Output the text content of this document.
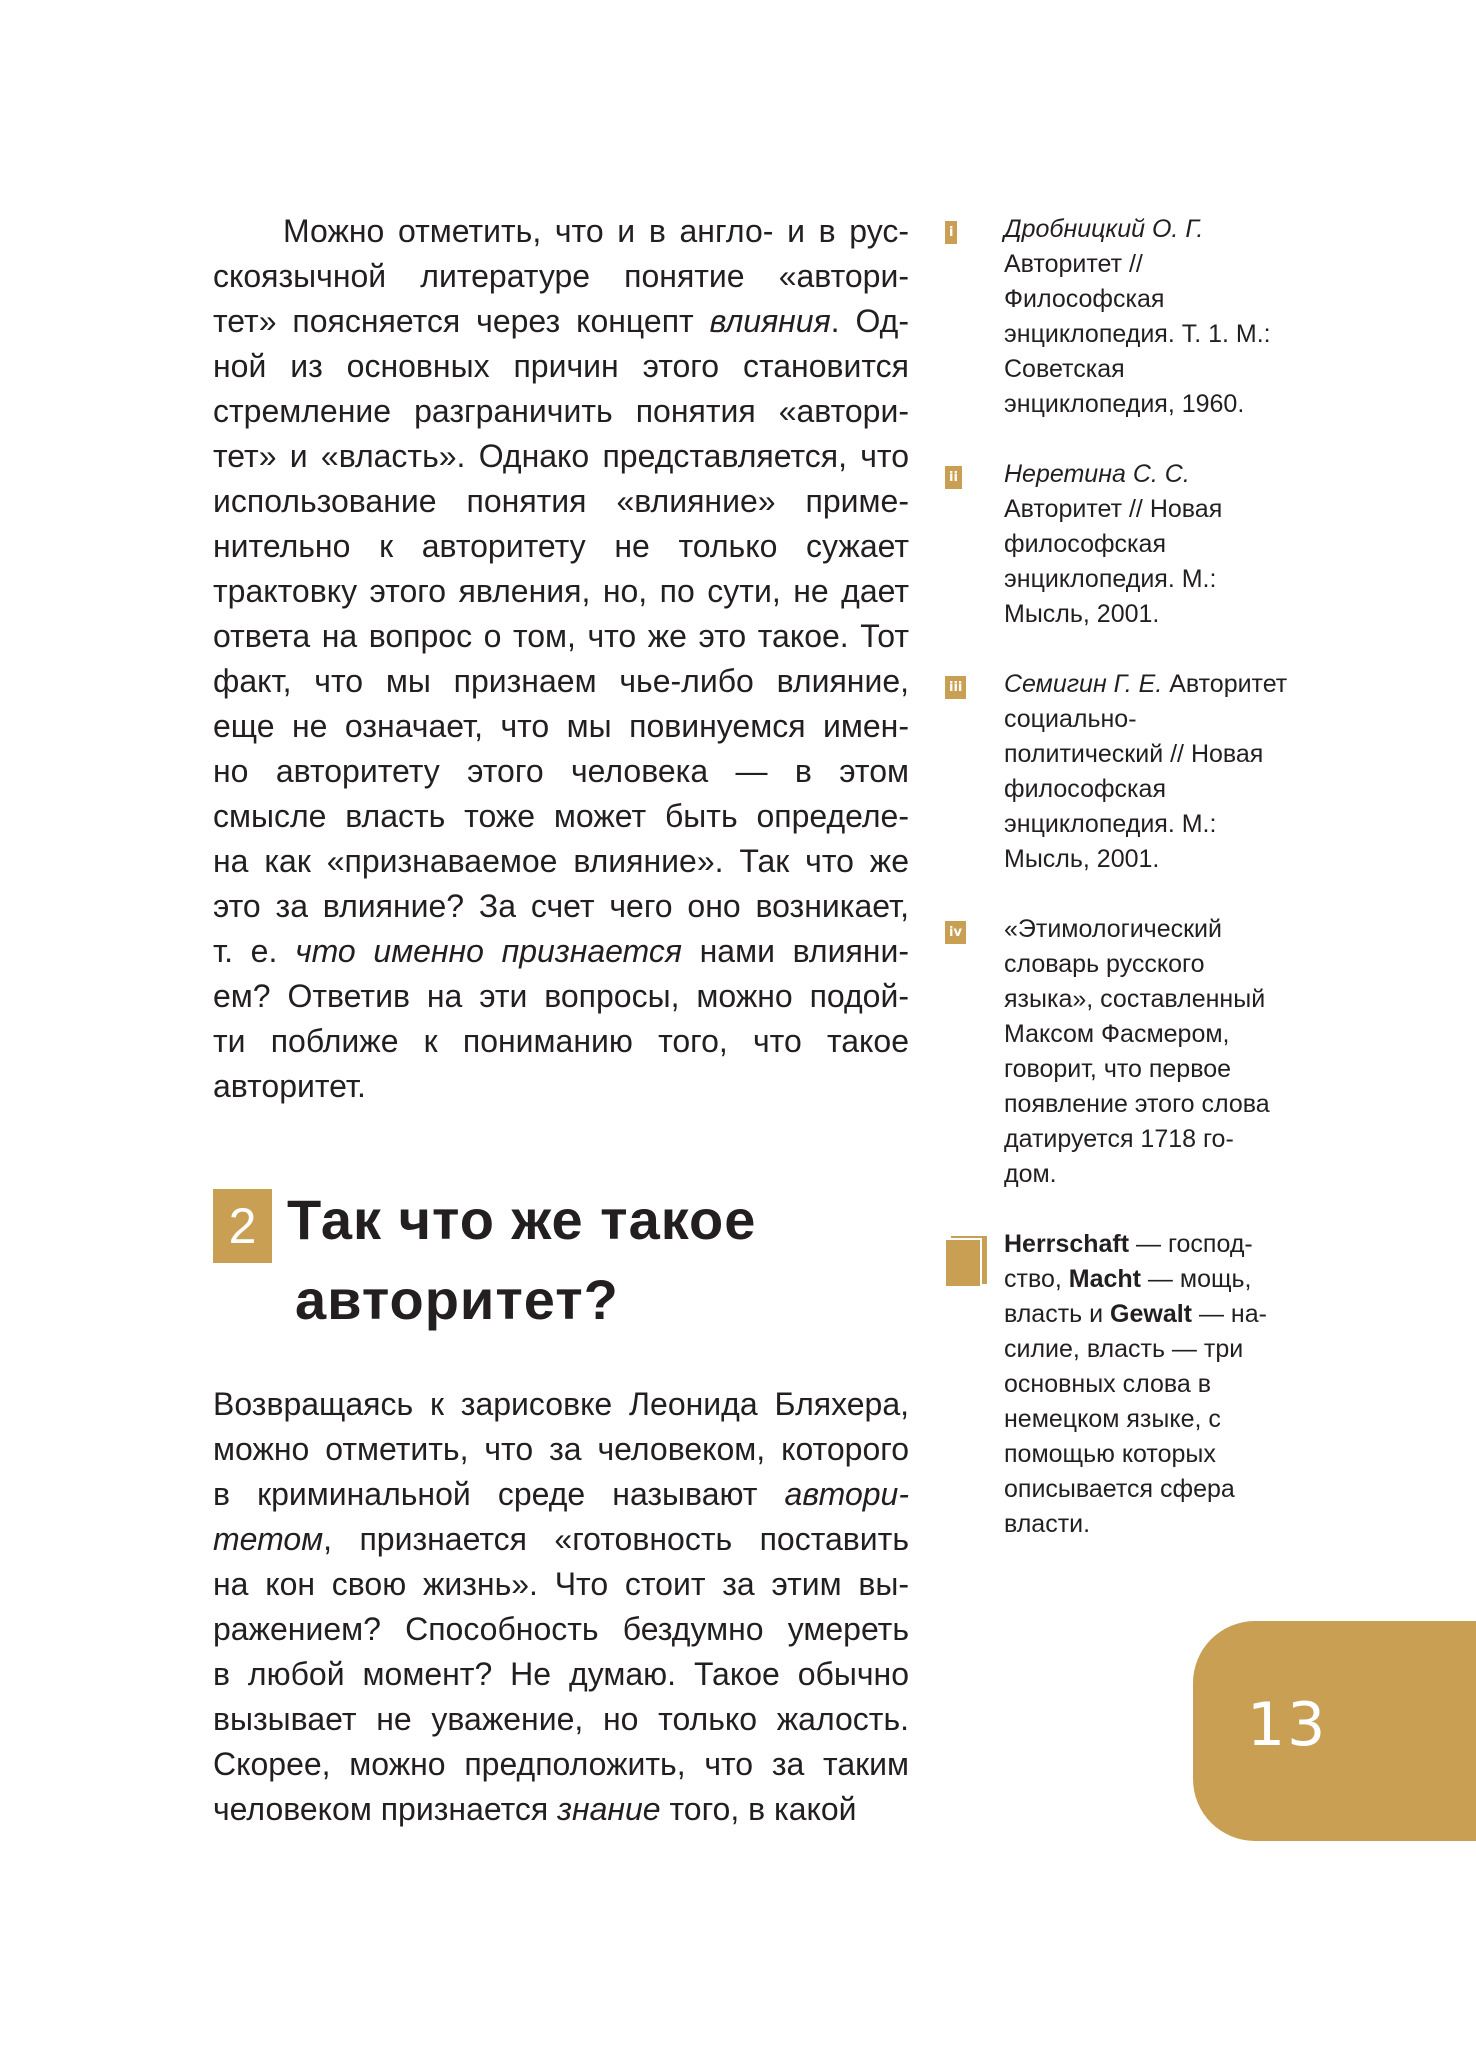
Можно отметить, что и в англо- и в рус-
скоязычной литературе понятие «автори-
тет» поясняется через концепт влияния. Од-
ной из основных причин этого становится
стремление разграничить понятия «автори-
тет» и «власть». Однако представляется, что
использование понятия «влияние» приме-
нительно к авторитету не только сужает
трактовку этого явления, но, по сути, не дает
ответа на вопрос о том, что же это такое. Тот
факт, что мы признаем чье-либо влияние,
еще не означает, что мы повинуемся имен-
но авторитету этого человека — в этом
смысле власть тоже может быть определе-
на как «признаваемое влияние». Так что же
это за влияние? За счет чего оно возникает,
т. е. что именно признается нами влияни-
ем? Ответив на эти вопросы, можно подой-
ти поближе к пониманию того, что такое
авторитет.
2 Так что же такое
авторитет?
Возвращаясь к зарисовке Леонида Бляхера,
можно отметить, что за человеком, которого
в криминальной среде называют автори-
тетом, признается «готовность поставить
на кон свою жизнь». Что стоит за этим вы-
ражением? Способность бездумно умереть
в любой момент? Не думаю. Такое обычно
вызывает не уважение, но только жалость.
Скорее, можно предположить, что за таким
человеком признается знание того, в какой
i Дробницкий О. Г.
Авторитет //
Философская
энциклопедия. Т. 1. М.:
Советская
энциклопедия, 1960.
ii Неретина С. С.
Авторитет // Новая
философская
энциклопедия. М.:
Мысль, 2001.
iii Семигин Г. Е. Авторитет
социально-
политический // Новая
философская
энциклопедия. М.:
Мысль, 2001.
iv «Этимологический
словарь русского
языка», составленный
Максом Фасмером,
говорит, что первое
появление этого слова
датируется 1718 го-
дом.
Herrschaft — господ-
ство, Macht — мощь,
власть и Gewalt — на-
силие, власть — три
основных слова в
немецком языке, с
помощью которых
описывается сфера
власти.
13
